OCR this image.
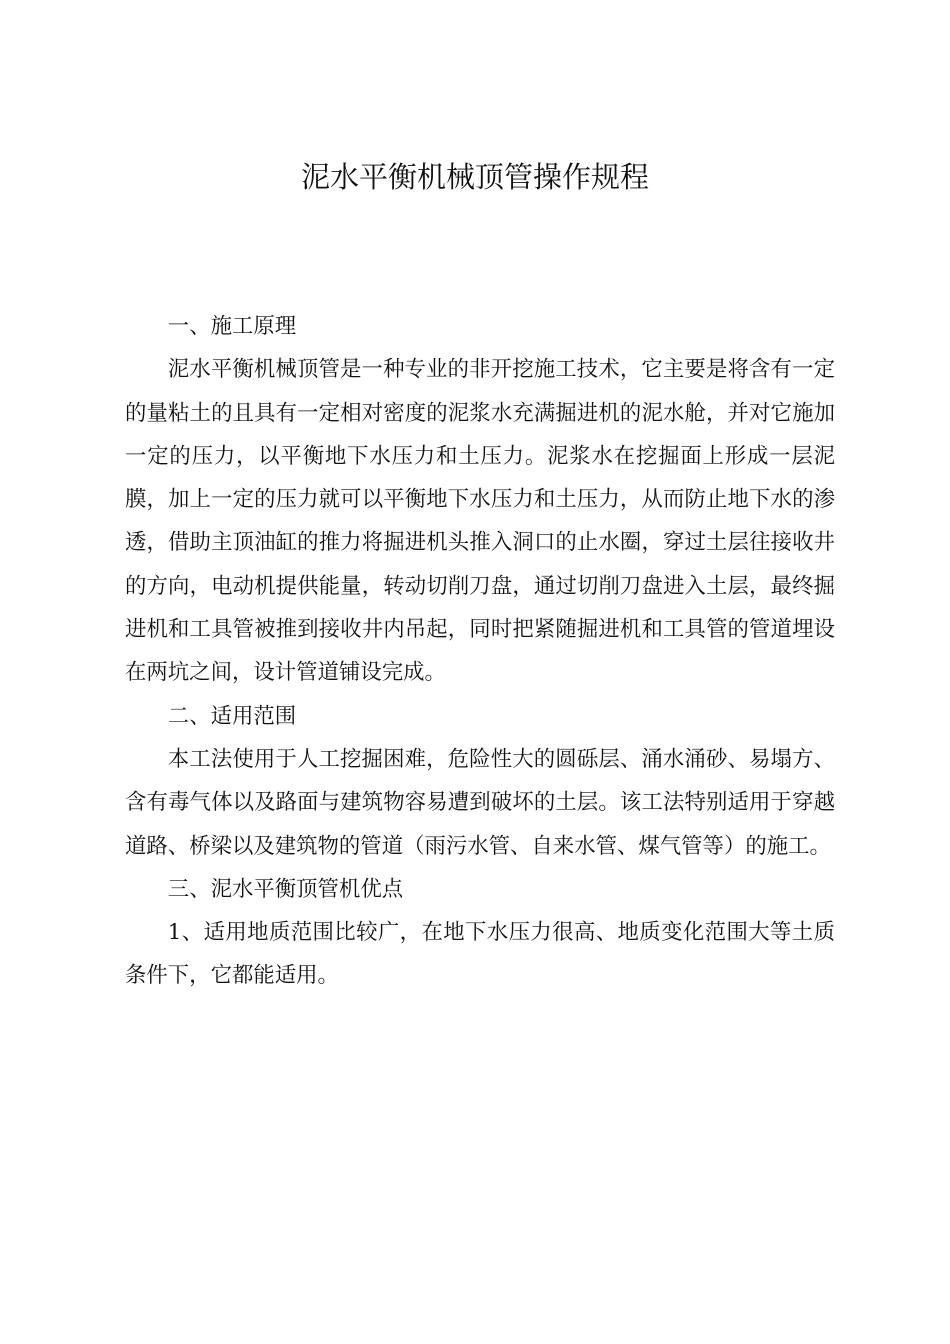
泥水平衡机械顶管操作规程

一、施工原理

泥水平衡机械顶管是一种专业的非开挖施工技术，它主要是将含有一定的量粘土的且具有一定相对密度的泥浆水充满掘进机的泥水舱，并对它施加一定的压力，以平衡地下水压力和土压力。泥浆水在挖掘面上形成一层泥膜，加上一定的压力就可以平衡地下水压力和土压力，从而防止地下水的渗透，借助主顶油缸的推力将掘进机头推入洞口的止水圈，穿过土层往接收井的方向，电动机提供能量，转动切削刀盘，通过切削刀盘进入土层，最终掘进机和工具管被推到接收井内吊起，同时把紧随掘进机和工具管的管道埋设在两坑之间，设计管道铺设完成。

二、适用范围

本工法使用于人工挖掘困难，危险性大的圆砾层、涌水涌砂、易塌方、含有毒气体以及路面与建筑物容易遭到破坏的土层。该工法特别适用于穿越道路、桥梁以及建筑物的管道（雨污水管、自来水管、煤气管等）的施工。

三、泥水平衡顶管机优点

1、适用地质范围比较广，在地下水压力很高、地质变化范围大等土质条件下，它都能适用。
